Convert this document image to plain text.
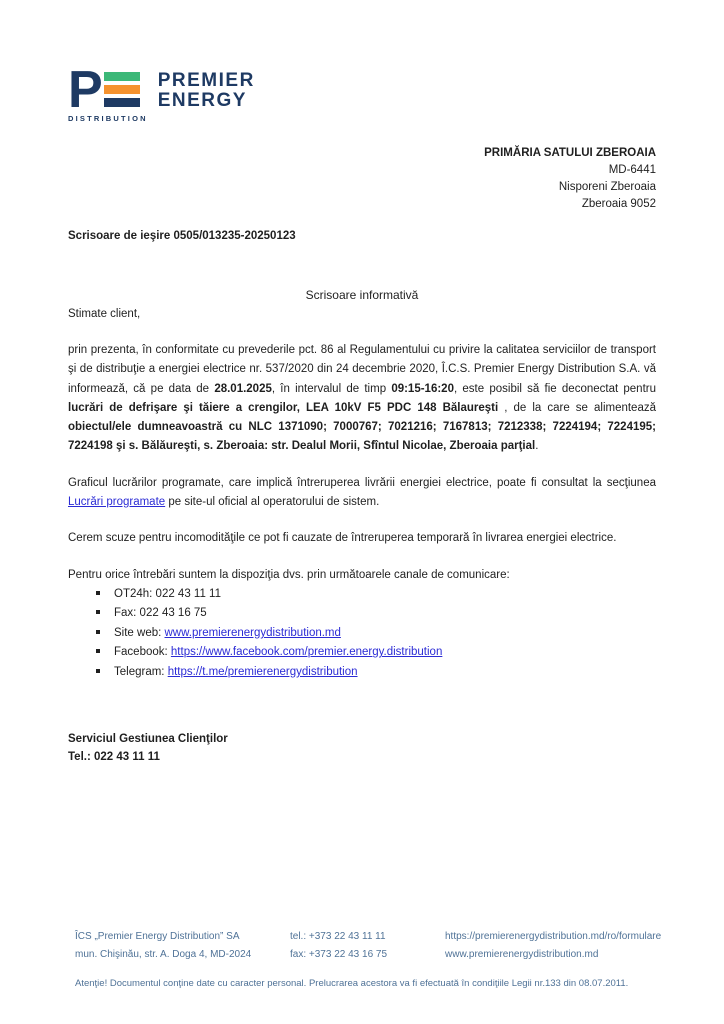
P
DISTRIBUTION
PREMIER
ENERGY
PRIMĂRIA SATULUI ZBEROAIA
MD-6441
Nisporeni Zberoaia
Zberoaia 9052
Scrisoare de ieşire 0505/013235-20250123
Scrisoare informativă
Stimate client,

prin prezenta, în conformitate cu prevederile pct. 86 al Regulamentului cu privire la calitatea serviciilor de transport şi de distribuţie a energiei electrice nr. 537/2020 din 24 decembrie 2020, Î.C.S. Premier Energy Distribution S.A. vă informează, că pe data de 28.01.2025, în intervalul de timp 09:15-16:20, este posibil să fie deconectat pentru lucrări de defrişare şi tăiere a crengilor, LEA 10kV F5 PDC 148 Bălaureşti , de la care se alimentează obiectul/ele dumneavoastră cu NLC 1371090; 7000767; 7021216; 7167813; 7212338; 7224194; 7224195; 7224198 şi s. Bălăureşti, s. Zberoaia: str. Dealul Morii, Sfîntul Nicolae, Zberoaia parţial.

Graficul lucrărilor programate, care implică întreruperea livrării energiei electrice, poate fi consultat la secţiunea Lucrări programate pe site-ul oficial al operatorului de sistem.

Cerem scuze pentru incomodităţile ce pot fi cauzate de întreruperea temporară în livrarea energiei electrice.

Pentru orice întrebări suntem la dispoziţia dvs. prin următoarele canale de comunicare:

OT24h: 022 43 11 11
Fax: 022 43 16 75
Site web: www.premierenergydistribution.md
Facebook: https://www.facebook.com/premier.energy.distribution
Telegram: https://t.me/premierenergydistribution
Serviciul Gestiunea Clienţilor
Tel.: 022 43 11 11
ÎCS „Premier Energy Distribution” SA
mun. Chişinău, str. A. Doga 4, MD-2024
tel.: +373 22 43 11 11
fax: +373 22 43 16 75
https://premierenergydistribution.md/ro/formulare
www.premierenergydistribution.md
Atenţie! Documentul conţine date cu caracter personal. Prelucrarea acestora va fi efectuată în condiţiile Legii nr.133 din 08.07.2011.
